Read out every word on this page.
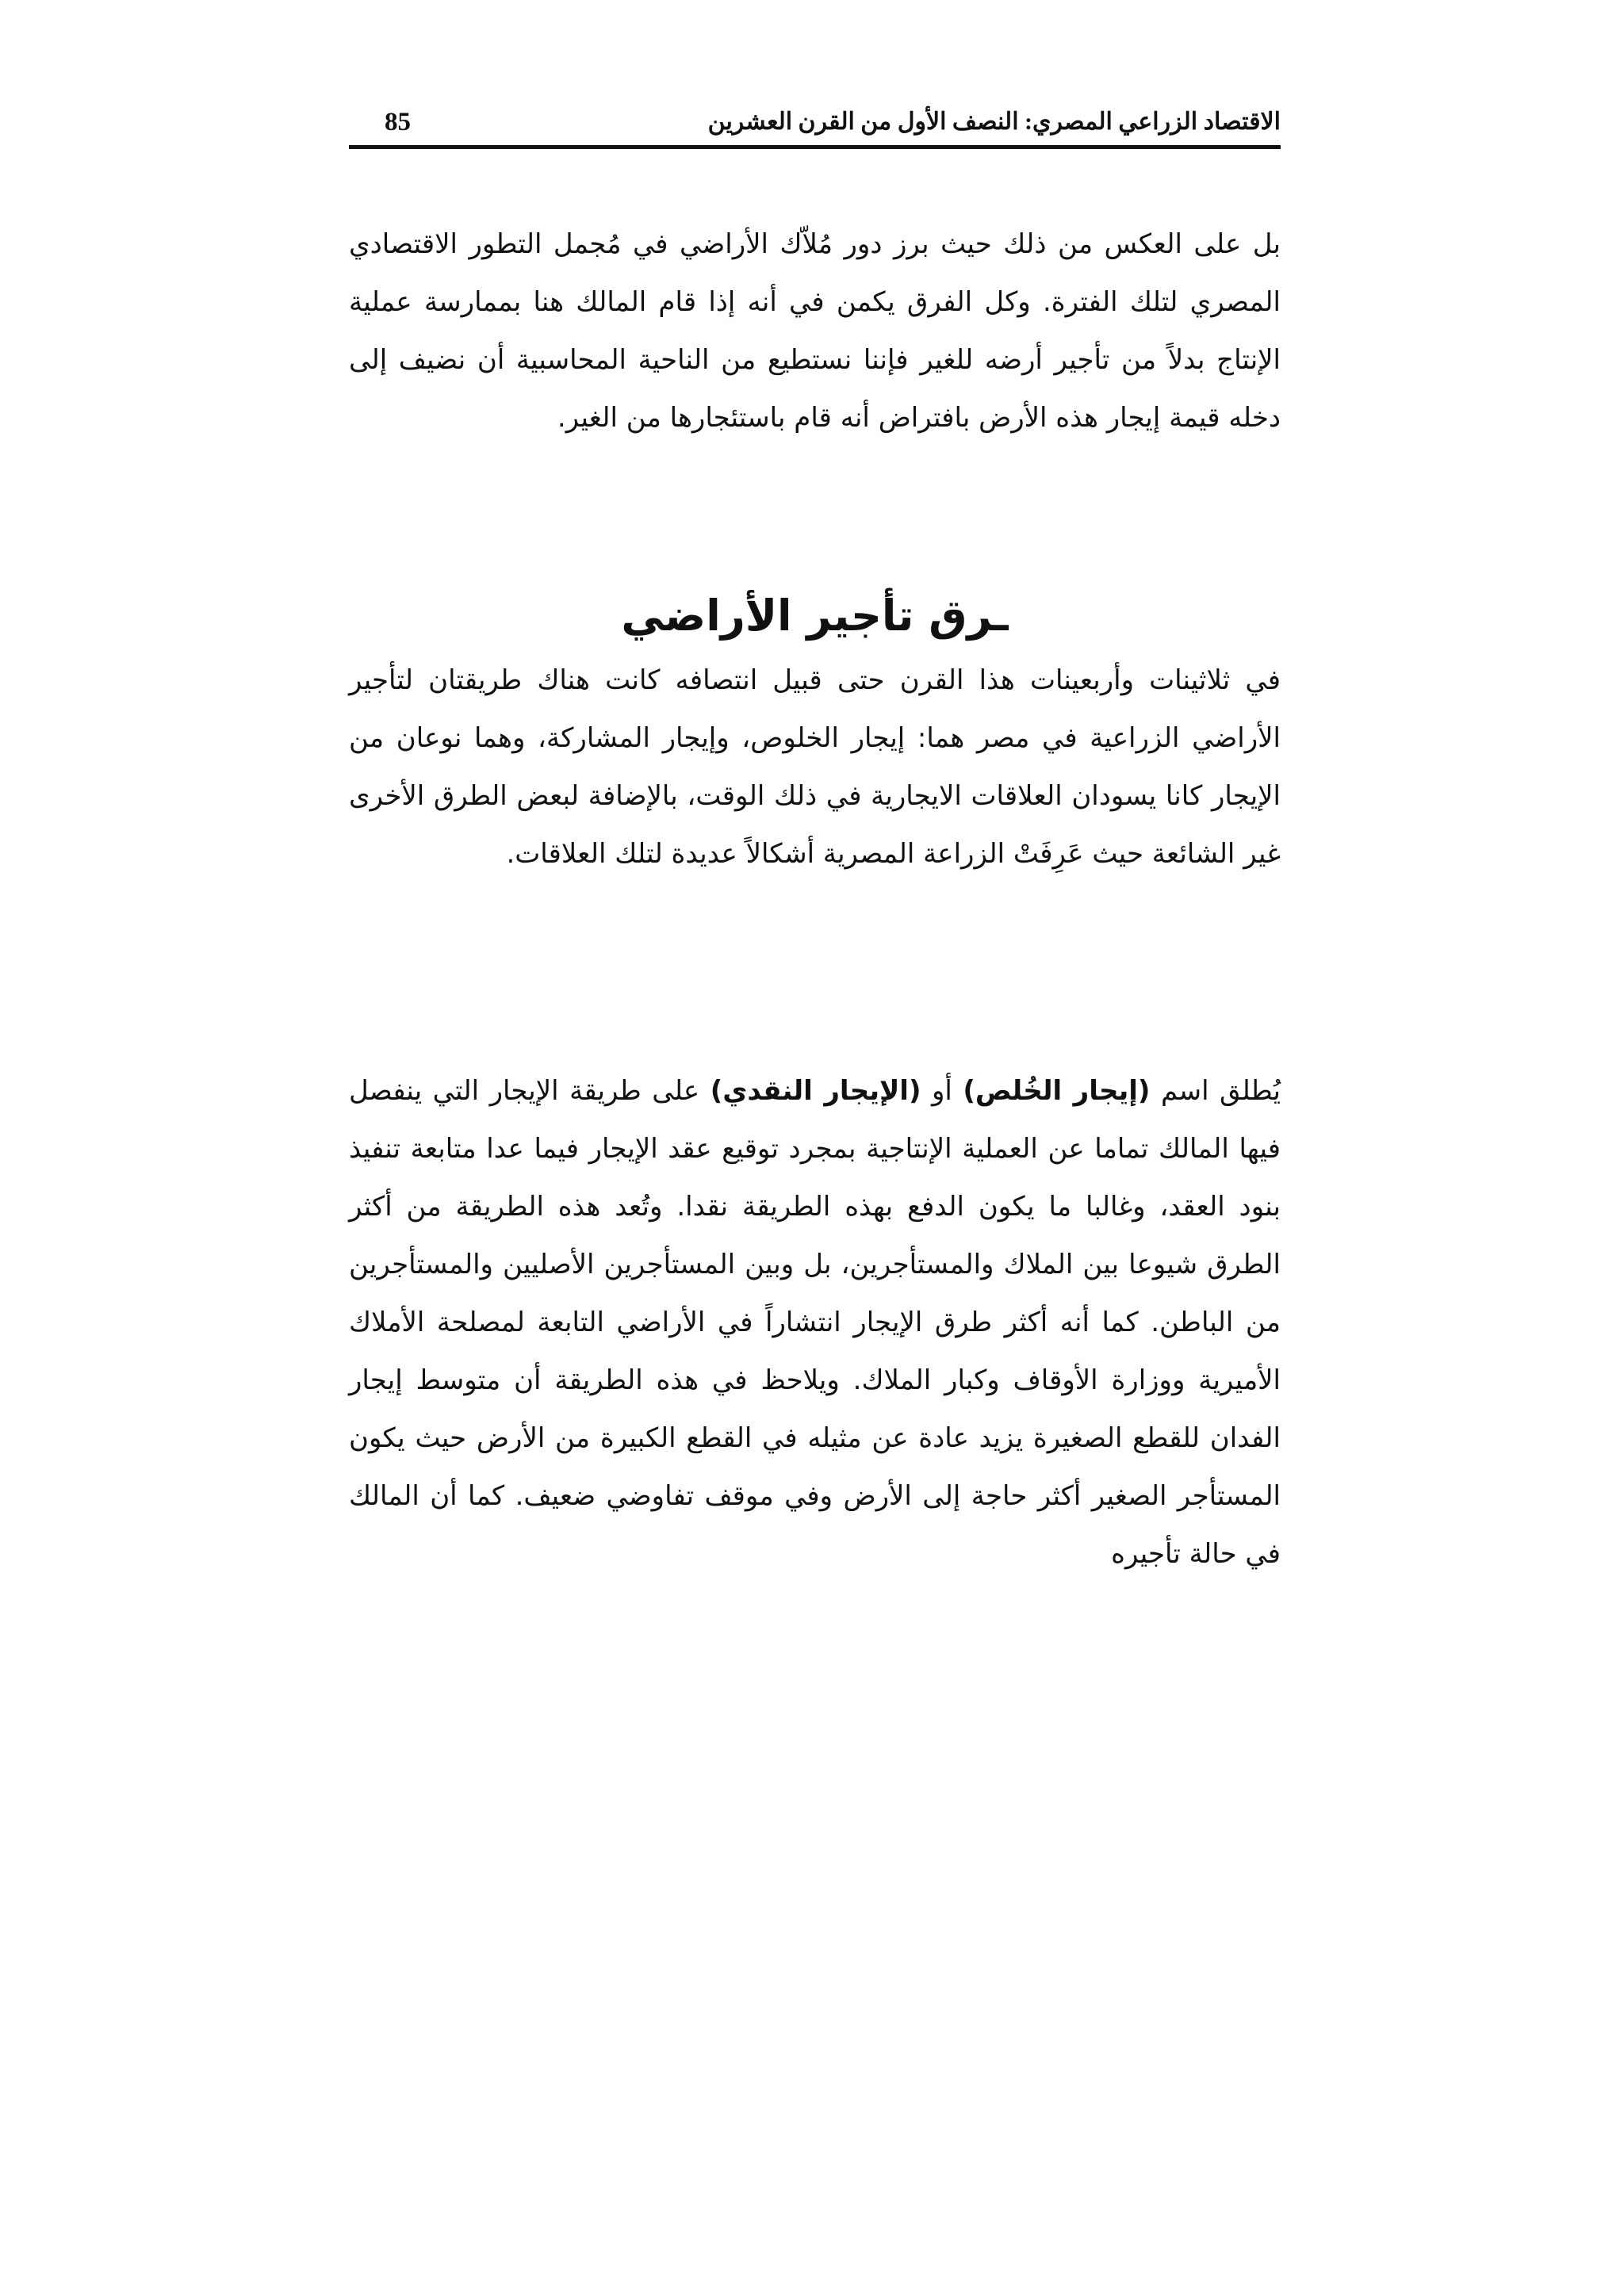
الاقتصاد الزراعي المصري: النصف الأول من القرن العشرين
85

بل على العكس من ذلك حيث برز دور مُلاّك الأراضي في مُجمل التطور الاقتصادي المصري لتلك الفترة. وكل الفرق يكمن في أنه إذا قام المالك هنا بممارسة عملية الإنتاج بدلاً من تأجير أرضه للغير فإننا نستطيع من الناحية المحاسبية أن نضيف إلى دخله قيمة إيجار هذه الأرض بافتراض أنه قام باستئجارها من الغير.

ـرق تأجير الأراضي

في ثلاثينات وأربعينات هذا القرن حتى قبيل انتصافه كانت هناك طريقتان لتأجير الأراضي الزراعية في مصر هما: إيجار الخلوص، وإيجار المشاركة، وهما نوعان من الإيجار كانا يسودان العلاقات الايجارية في ذلك الوقت، بالإضافة لبعض الطرق الأخرى غير الشائعة حيث عَرِفَتْ الزراعة المصرية أشكالاً عديدة لتلك العلاقات.

يُطلق اسم (إيجار الخُلص) أو (الإيجار النقدي) على طريقة الإيجار التي ينفصل فيها المالك تماما عن العملية الإنتاجية بمجرد توقيع عقد الإيجار فيما عدا متابعة تنفيذ بنود العقد، وغالبا ما يكون الدفع بهذه الطريقة نقدا. وتُعد هذه الطريقة من أكثر الطرق شيوعا بين الملاك والمستأجرين، بل وبين المستأجرين الأصليين والمستأجرين من الباطن. كما أنه أكثر طرق الإيجار انتشاراً في الأراضي التابعة لمصلحة الأملاك الأميرية ووزارة الأوقاف وكبار الملاك. ويلاحظ في هذه الطريقة أن متوسط إيجار الفدان للقطع الصغيرة يزيد عادة عن مثيله في القطع الكبيرة من الأرض حيث يكون المستأجر الصغير أكثر حاجة إلى الأرض وفي موقف تفاوضي ضعيف. كما أن المالك في حالة تأجيره
